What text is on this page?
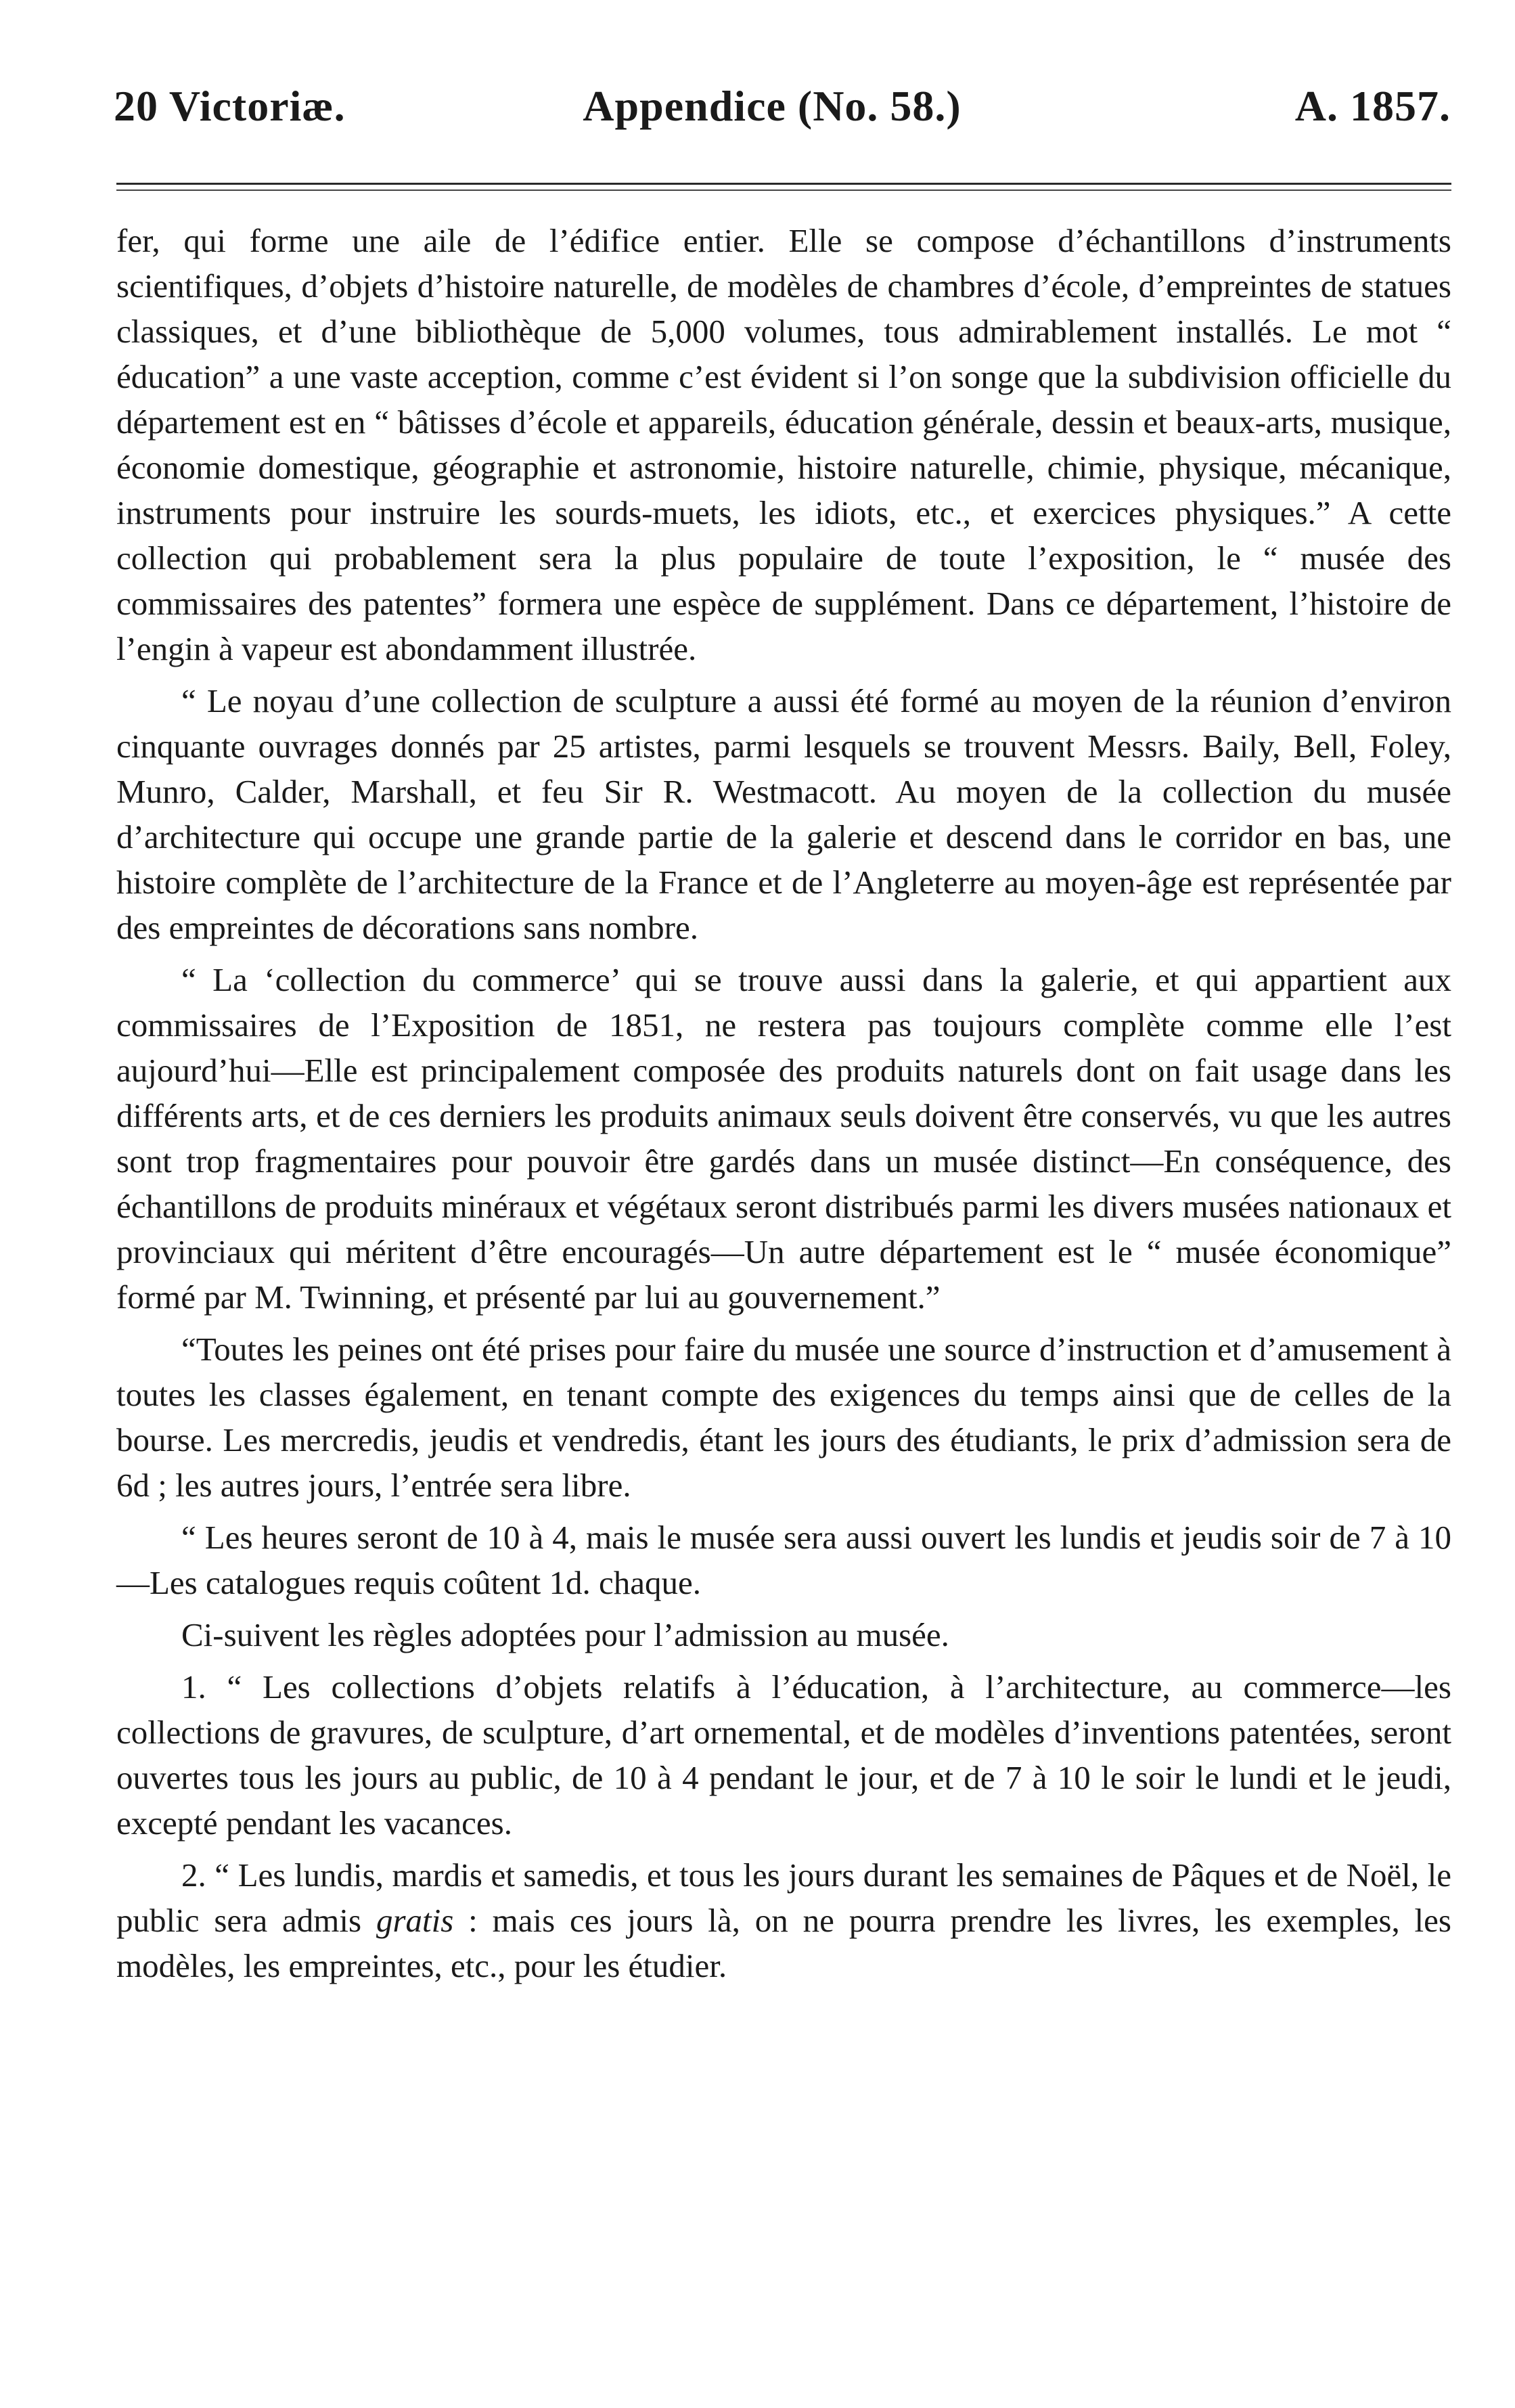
20 Victoriæ.	Appendice (No. 58.)	A. 1857.

fer, qui forme une aile de l’édifice entier. Elle se compose d’échantillons d’instruments scientifiques, d’objets d’histoire naturelle, de modèles de chambres d’école, d’empreintes de statues classiques, et d’une bibliothèque de 5,000 volumes, tous admirablement installés. Le mot “ éducation” a une vaste acception, comme c’est évident si l’on songe que la subdivision officielle du département est en “ bâtisses d’école et appareils, éducation générale, dessin et beaux-arts, musique, économie domestique, géographie et astronomie, histoire naturelle, chimie, physique, mécanique, instruments pour instruire les sourds-muets, les idiots, etc., et exercices physiques.” A cette collection qui probablement sera la plus populaire de toute l’exposition, le “ musée des commissaires des patentes” formera une espèce de supplément. Dans ce département, l’histoire de l’engin à vapeur est abondamment illustrée.

“ Le noyau d’une collection de sculpture a aussi été formé au moyen de la réunion d’environ cinquante ouvrages donnés par 25 artistes, parmi lesquels se trouvent Messrs. Baily, Bell, Foley, Munro, Calder, Marshall, et feu Sir R. Westmacott. Au moyen de la collection du musée d’architecture qui occupe une grande partie de la galerie et descend dans le corridor en bas, une histoire complète de l’architecture de la France et de l’Angleterre au moyen-âge est représentée par des empreintes de décorations sans nombre.

“ La ‘collection du commerce’ qui se trouve aussi dans la galerie, et qui appartient aux commissaires de l’Exposition de 1851, ne restera pas toujours complète comme elle l’est aujourd’hui—Elle est principalement composée des produits naturels dont on fait usage dans les différents arts, et de ces derniers les produits animaux seuls doivent être conservés, vu que les autres sont trop fragmentaires pour pouvoir être gardés dans un musée distinct—En conséquence, des échantillons de produits minéraux et végétaux seront distribués parmi les divers musées nationaux et provinciaux qui méritent d’être encouragés—Un autre département est le “ musée économique” formé par M. Twinning, et présenté par lui au gouvernement.”

“Toutes les peines ont été prises pour faire du musée une source d’instruction et d’amusement à toutes les classes également, en tenant compte des exigences du temps ainsi que de celles de la bourse. Les mercredis, jeudis et vendredis, étant les jours des étudiants, le prix d’admission sera de 6d ; les autres jours, l’entrée sera libre.

“ Les heures seront de 10 à 4, mais le musée sera aussi ouvert les lundis et jeudis soir de 7 à 10—Les catalogues requis coûtent 1d. chaque.

Ci-suivent les règles adoptées pour l’admission au musée.

1. “ Les collections d’objets relatifs à l’éducation, à l’architecture, au commerce—les collections de gravures, de sculpture, d’art ornemental, et de modèles d’inventions patentées, seront ouvertes tous les jours au public, de 10 à 4 pendant le jour, et de 7 à 10 le soir le lundi et le jeudi, excepté pendant les vacances.

2. “ Les lundis, mardis et samedis, et tous les jours durant les semaines de Pâques et de Noël, le public sera admis gratis : mais ces jours là, on ne pourra prendre les livres, les exemples, les modèles, les empreintes, etc., pour les étudier.
